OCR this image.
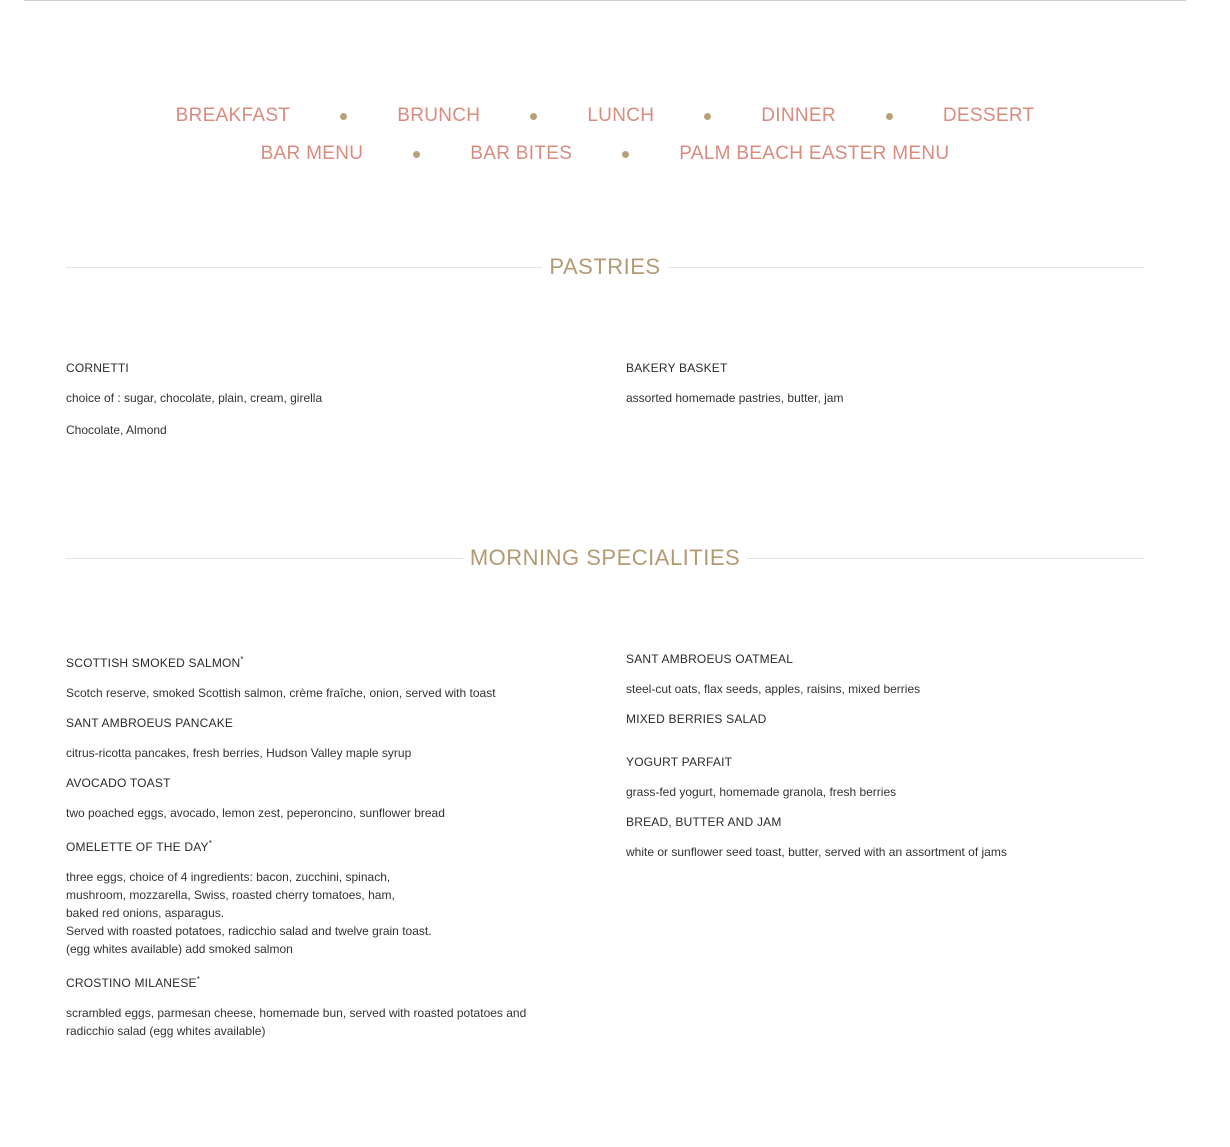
BREAKFAST	BRUNCH	LUNCH	DINNER	DESSERT
BAR MENU	BAR BITES	PALM BEACH EASTER MENU
PASTRIES
CORNETTI
choice of : sugar, chocolate, plain, cream, girella
Chocolate, Almond
BAKERY BASKET
assorted homemade pastries, butter, jam
MORNING SPECIALITIES
SCOTTISH SMOKED SALMON*
Scotch reserve, smoked Scottish salmon, crème fraîche, onion, served with toast
SANT AMBROEUS PANCAKE
citrus-ricotta pancakes, fresh berries, Hudson Valley maple syrup
AVOCADO TOAST
two poached eggs, avocado, lemon zest, peperoncino, sunflower bread
OMELETTE OF THE DAY*
three eggs, choice of 4 ingredients: bacon, zucchini, spinach,
mushroom, mozzarella, Swiss, roasted cherry tomatoes, ham,
baked red onions, asparagus.
Served with roasted potatoes, radicchio salad and twelve grain toast.
(egg whites available) add smoked salmon
CROSTINO MILANESE*
scrambled eggs, parmesan cheese, homemade bun, served with roasted potatoes and
radicchio salad (egg whites available)
SANT AMBROEUS OATMEAL
steel-cut oats, flax seeds, apples, raisins, mixed berries
MIXED BERRIES SALAD
YOGURT PARFAIT
grass-fed yogurt, homemade granola, fresh berries
BREAD, BUTTER AND JAM
white or sunflower seed toast, butter, served with an assortment of jams
